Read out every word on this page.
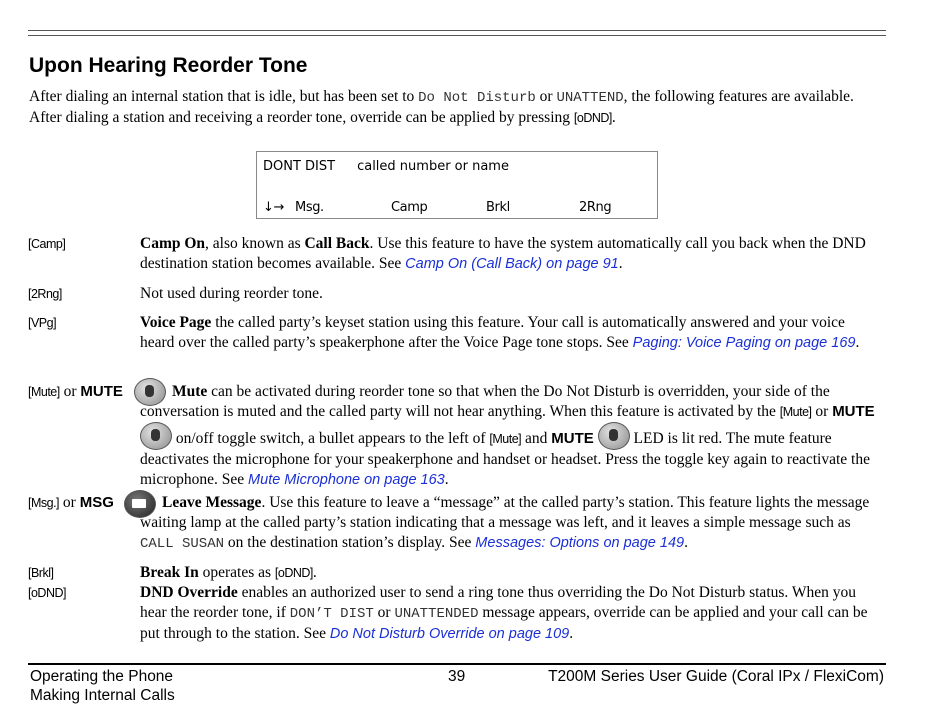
Upon Hearing Reorder Tone
After dialing an internal station that is idle, but has been set to Do Not Disturb or UNATTEND, the following features are available. After dialing a station and receiving a reorder tone, override can be applied by pressing [oDND].
DONT DIST called number or name
↓→ Msg.	Camp	Brkl	2Rng
[Camp]	Camp On, also known as Call Back. Use this feature to have the system automatically call you back when the DND destination station becomes available. See Camp On (Call Back) on page 91.
[2Rng]	Not used during reorder tone.
[VPg]	Voice Page the called party’s keyset station using this feature. Your call is automatically answered and your voice heard over the called party’s speakerphone after the Voice Page tone stops. See Paging: Voice Paging on page 169.
[Mute] or MUTE	Mute can be activated during reorder tone so that when the Do Not Disturb is overridden, your side of the conversation is muted and the called party will not hear anything. When this feature is activated by the [Mute] or MUTE  on/off toggle switch, a bullet appears to the left of [Mute] and MUTE  LED is lit red. The mute feature deactivates the microphone for your speakerphone and handset or headset. Press the toggle key again to reactivate the microphone. See Mute Microphone on page 163.
[Msg.] or MSG	Leave Message. Use this feature to leave a “message” at the called party’s station. This feature lights the message waiting lamp at the called party’s station indicating that a message was left, and it leaves a simple message such as CALL SUSAN on the destination station’s display. See Messages: Options on page 149.
[Brkl]	Break In operates as [oDND].
[oDND]	DND Override enables an authorized user to send a ring tone thus overriding the Do Not Disturb status. When you hear the reorder tone, if DON’T DIST or UNATTENDED message appears, override can be applied and your call can be put through to the station. See Do Not Disturb Override on page 109.
Operating the Phone
Making Internal Calls
39	T200M Series User Guide (Coral IPx / FlexiCom)
